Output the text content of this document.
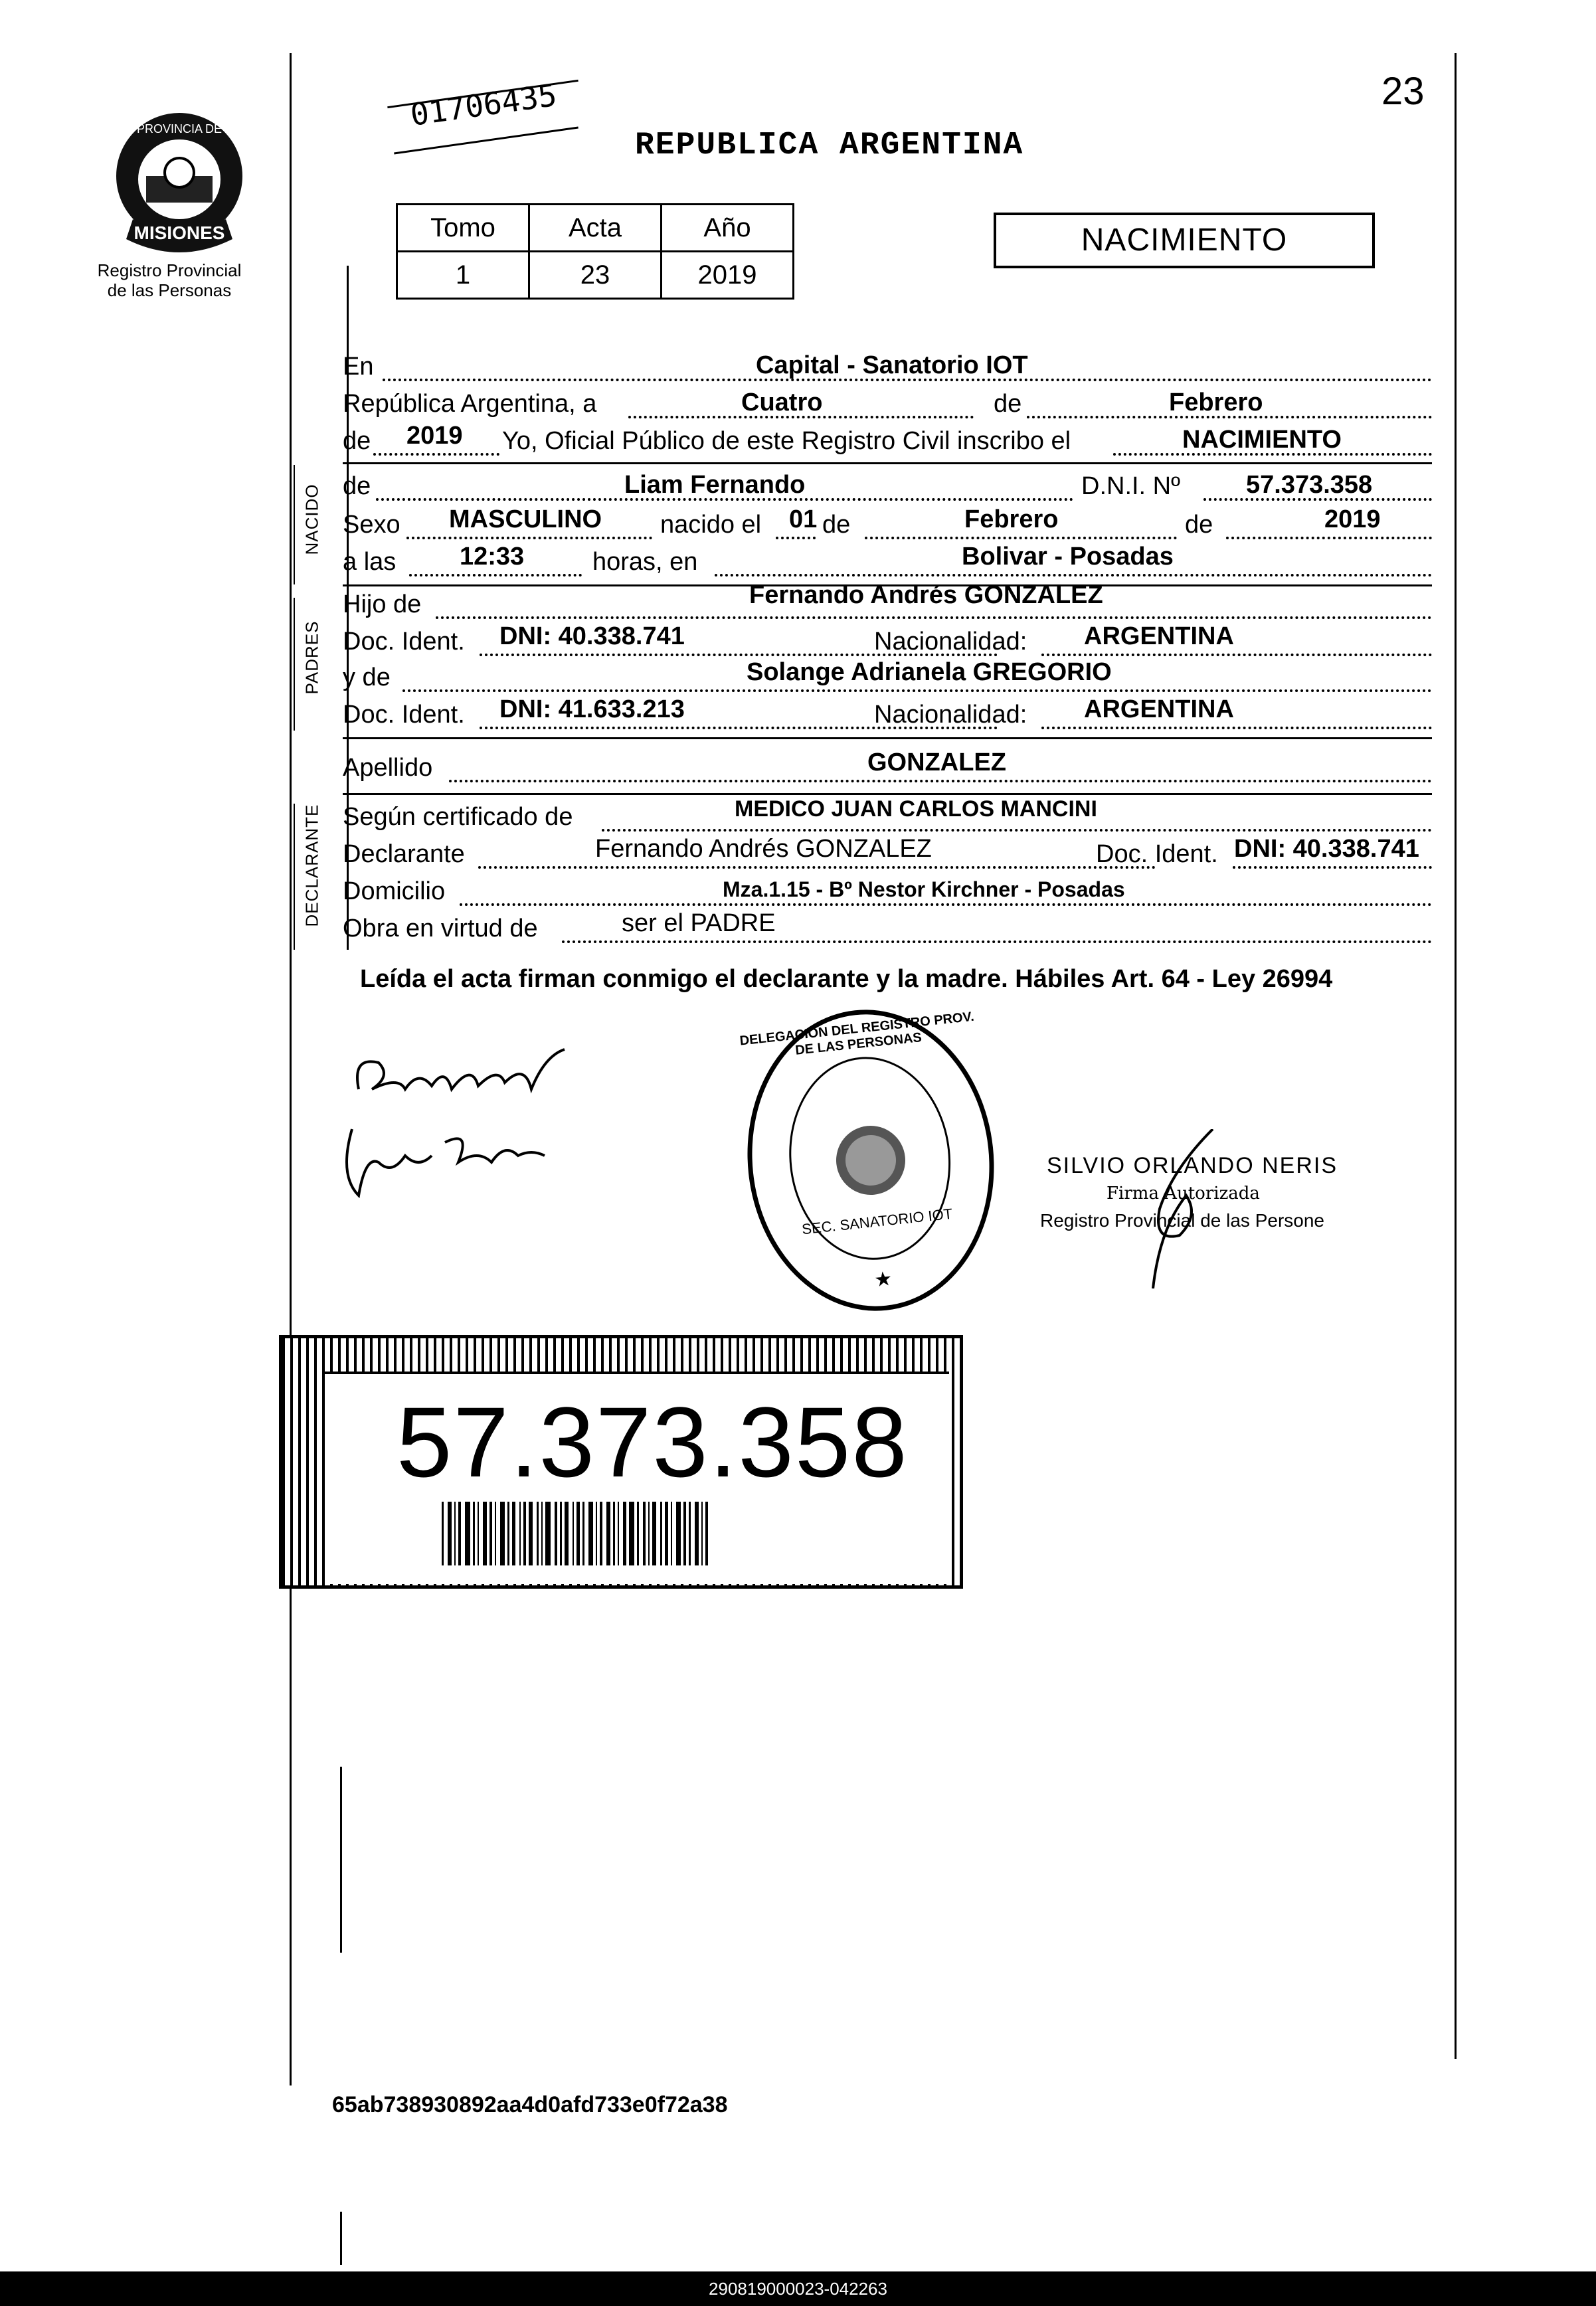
MISIONES
PROVINCIA DE
Registro Provincial
de las Personas
01706435
REPUBLICA ARGENTINA
23
Tomo	Acta	Año
1	23	2019
NACIMIENTO
En	Capital - Sanatorio IOT
República Argentina, a	Cuatro	de	Febrero
de 2019 Yo, Oficial Público de este Registro Civil inscribo el	NACIMIENTO
de	Liam Fernando	D.N.I. Nº	57.373.358
Sexo MASCULINO nacido el 01 de	Febrero	de	2019
a las	12:33	horas, en	Bolivar - Posadas
Hijo de	Fernando Andrés GONZALEZ
Doc. Ident. DNI: 40.338.741	Nacionalidad: ARGENTINA
y de	Solange Adrianela GREGORIO
Doc. Ident. DNI: 41.633.213	Nacionalidad: ARGENTINA
Apellido	GONZALEZ
Según certificado de	MEDICO JUAN CARLOS MANCINI
Declarante	Fernando Andrés GONZALEZ	Doc. Ident. DNI: 40.338.741
Domicilio	Mza.1.15 - Bº Nestor Kirchner - Posadas
Obra en virtud de	ser el PADRE
NACIDO
PADRES
DECLARANTE
Leída el acta firman conmigo el declarante y la madre. Hábiles Art. 64 - Ley 26994
★
DELEGACION DEL REGISTRO PROV. DE LAS PERSONAS
SEC. SANATORIO IOT
SILVIO ORLANDO NERIS
Firma Autorizada
Registro Provincial de las Persone
57.373.358
65ab738930892aa4d0afd733e0f72a38
290819000023-042263
